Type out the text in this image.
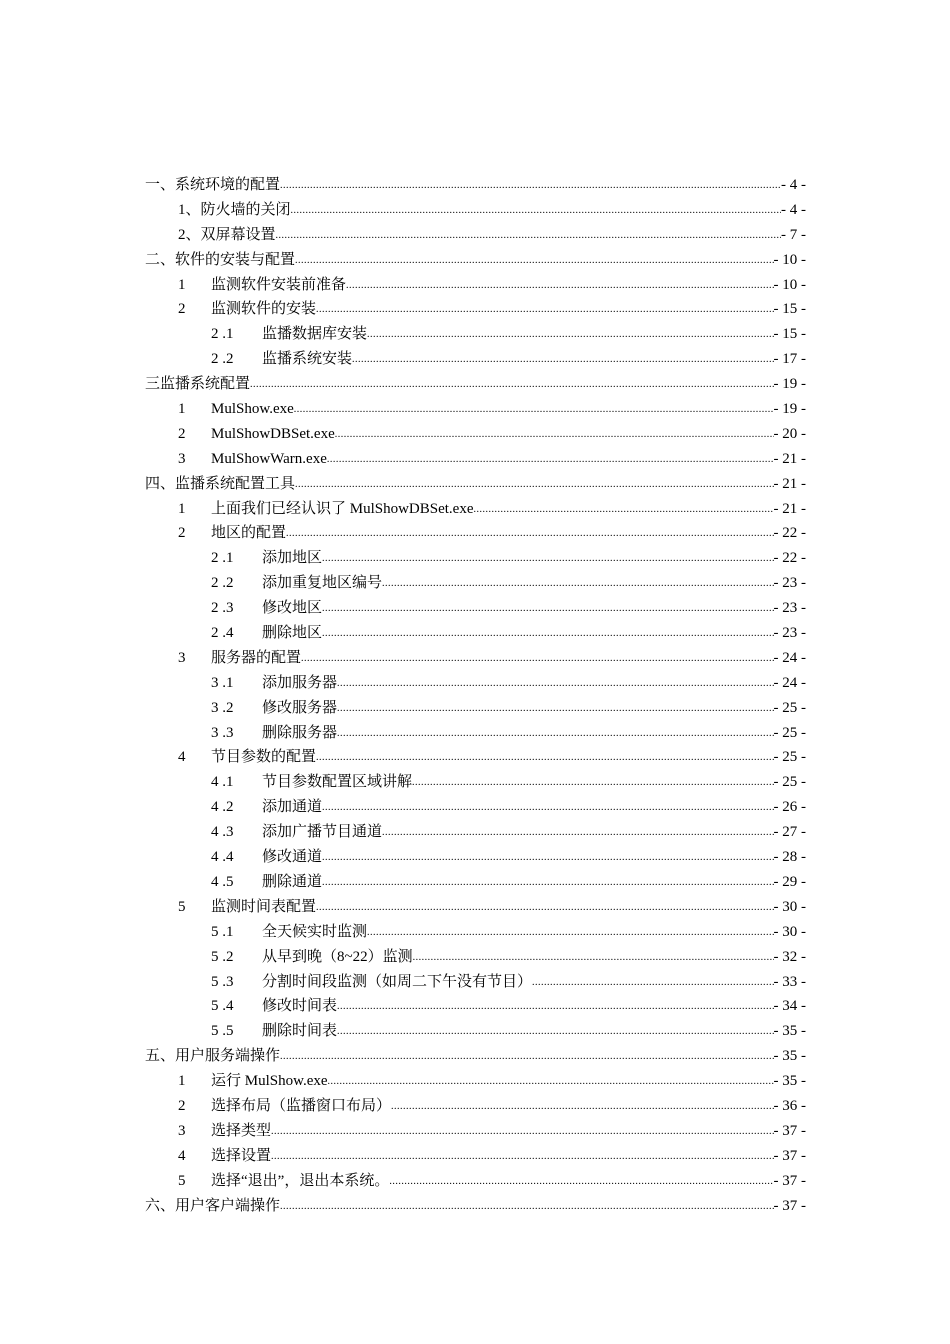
一、 系统环境的配置 .....	- 4 -
1、 防火墙的关闭 .....	- 4 -
2、 双屏幕设置 .....	- 7 -
二、 软件的安装与配置 .....	- 10 -
1	监测软件安装前准备 .....	- 10 -
2	监测软件的安装 .....	- 15 -
2 .1	监播数据库安装 .....	- 15 -
2 .2	监播系统安装 .....	- 17 -
三 监播系统配置 .....	- 19 -
1	MulShow.exe .....	- 19 -
2	MulShowDBSet.exe .....	- 20 -
3	MulShowWarn.exe .....	- 21 -
四、 监播系统配置工具 .....	- 21 -
1	上面我们已经认识了 MulShowDBSet.exe .....	- 21 -
2	地区的配置 .....	- 22 -
2 .1	添加地区 .....	- 22 -
2 .2	添加重复地区编号 .....	- 23 -
2 .3	修改地区 .....	- 23 -
2 .4	删除地区 .....	- 23 -
3	服务器的配置 .....	- 24 -
3 .1	添加服务器 .....	- 24 -
3 .2	修改服务器 .....	- 25 -
3 .3	删除服务器 .....	- 25 -
4	节目参数的配置 .....	- 25 -
4 .1	节目参数配置区域讲解 .....	- 25 -
4 .2	添加通道 .....	- 26 -
4 .3	添加广播节目通道 .....	- 27 -
4 .4	修改通道 .....	- 28 -
4 .5	删除通道 .....	- 29 -
5	监测时间表配置 .....	- 30 -
5 .1	全天候实时监测 .....	- 30 -
5 .2	从早到晚（8~22）监测 .....	- 32 -
5 .3	分割时间段监测（如周二下午没有节目） .....	- 33 -
5 .4	修改时间表 .....	- 34 -
5 .5	删除时间表 .....	- 35 -
五、 用户服务端操作 .....	- 35 -
1	运行 MulShow.exe .....	- 35 -
2	选择布局（监播窗口布局） .....	- 36 -
3	选择类型 .....	- 37 -
4	选择设置 .....	- 37 -
5	选择“退出”，退出本系统。 .....	- 37 -
六、 用户客户端操作 .....	- 37 -
